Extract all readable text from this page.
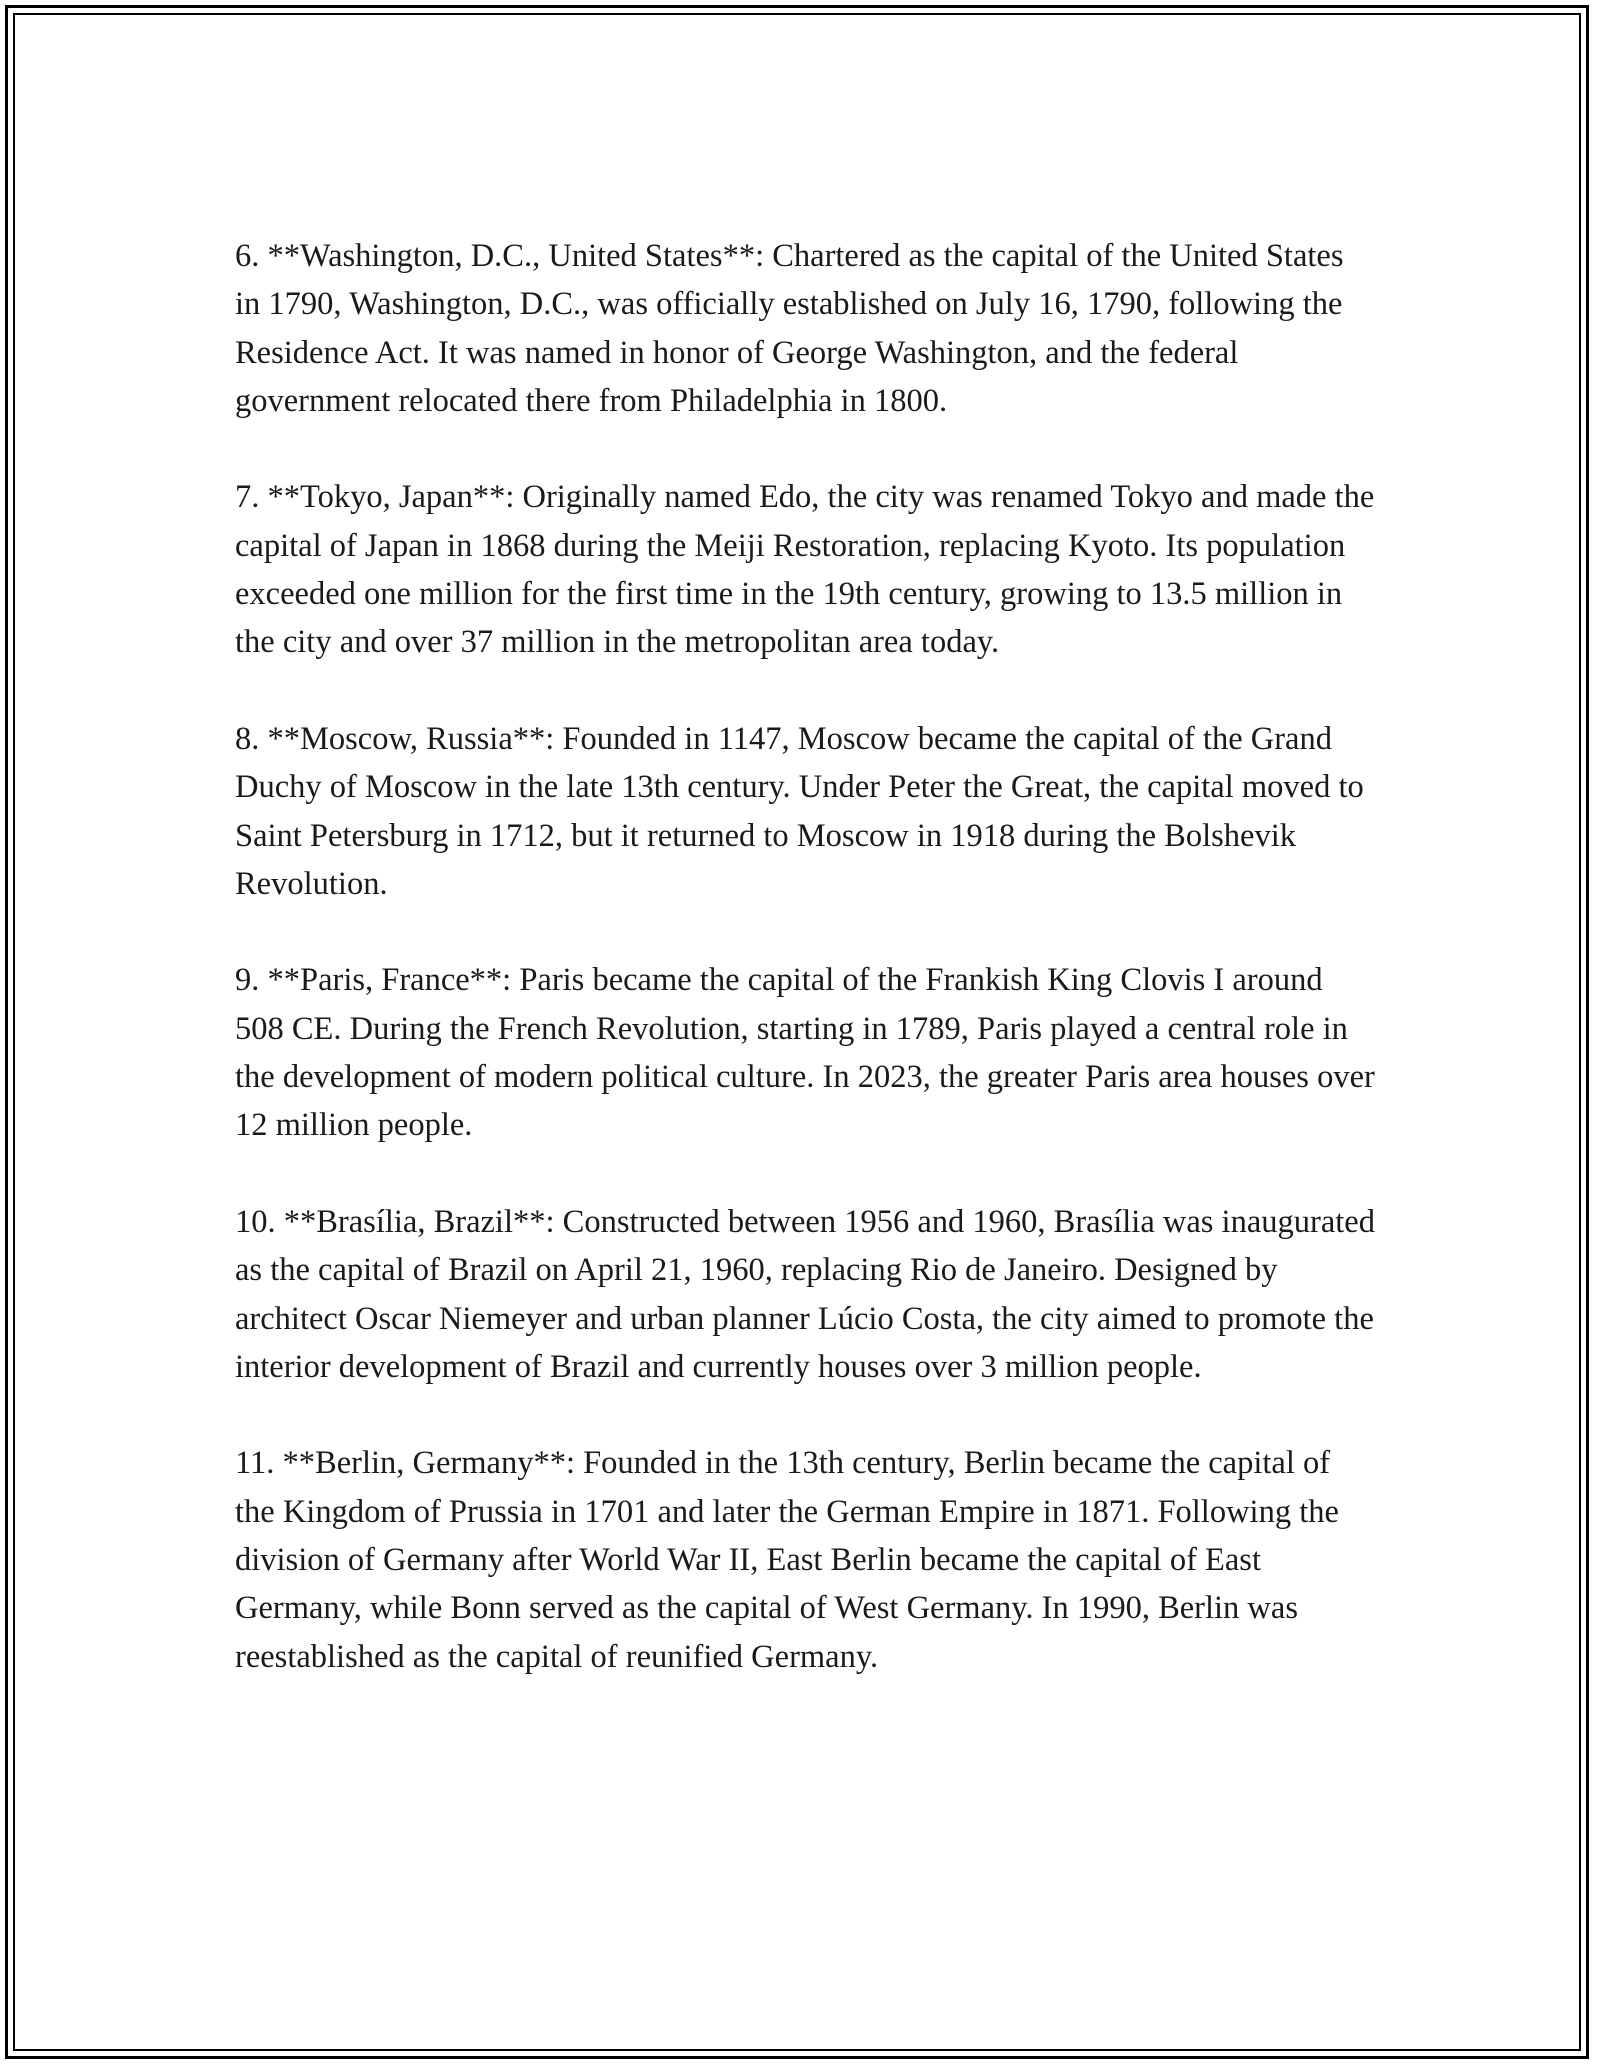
6. **Washington, D.C., United States**: Chartered as the capital of the United States in 1790, Washington, D.C., was officially established on July 16, 1790, following the Residence Act. It was named in honor of George Washington, and the federal government relocated there from Philadelphia in 1800.

7. **Tokyo, Japan**: Originally named Edo, the city was renamed Tokyo and made the capital of Japan in 1868 during the Meiji Restoration, replacing Kyoto. Its population exceeded one million for the first time in the 19th century, growing to 13.5 million in the city and over 37 million in the metropolitan area today.

8. **Moscow, Russia**: Founded in 1147, Moscow became the capital of the Grand Duchy of Moscow in the late 13th century. Under Peter the Great, the capital moved to Saint Petersburg in 1712, but it returned to Moscow in 1918 during the Bolshevik Revolution.

9. **Paris, France**: Paris became the capital of the Frankish King Clovis I around 508 CE. During the French Revolution, starting in 1789, Paris played a central role in the development of modern political culture. In 2023, the greater Paris area houses over 12 million people.

10. **Brasília, Brazil**: Constructed between 1956 and 1960, Brasília was inaugurated as the capital of Brazil on April 21, 1960, replacing Rio de Janeiro. Designed by architect Oscar Niemeyer and urban planner Lúcio Costa, the city aimed to promote the interior development of Brazil and currently houses over 3 million people.

11. **Berlin, Germany**: Founded in the 13th century, Berlin became the capital of the Kingdom of Prussia in 1701 and later the German Empire in 1871. Following the division of Germany after World War II, East Berlin became the capital of East Germany, while Bonn served as the capital of West Germany. In 1990, Berlin was reestablished as the capital of reunified Germany.
